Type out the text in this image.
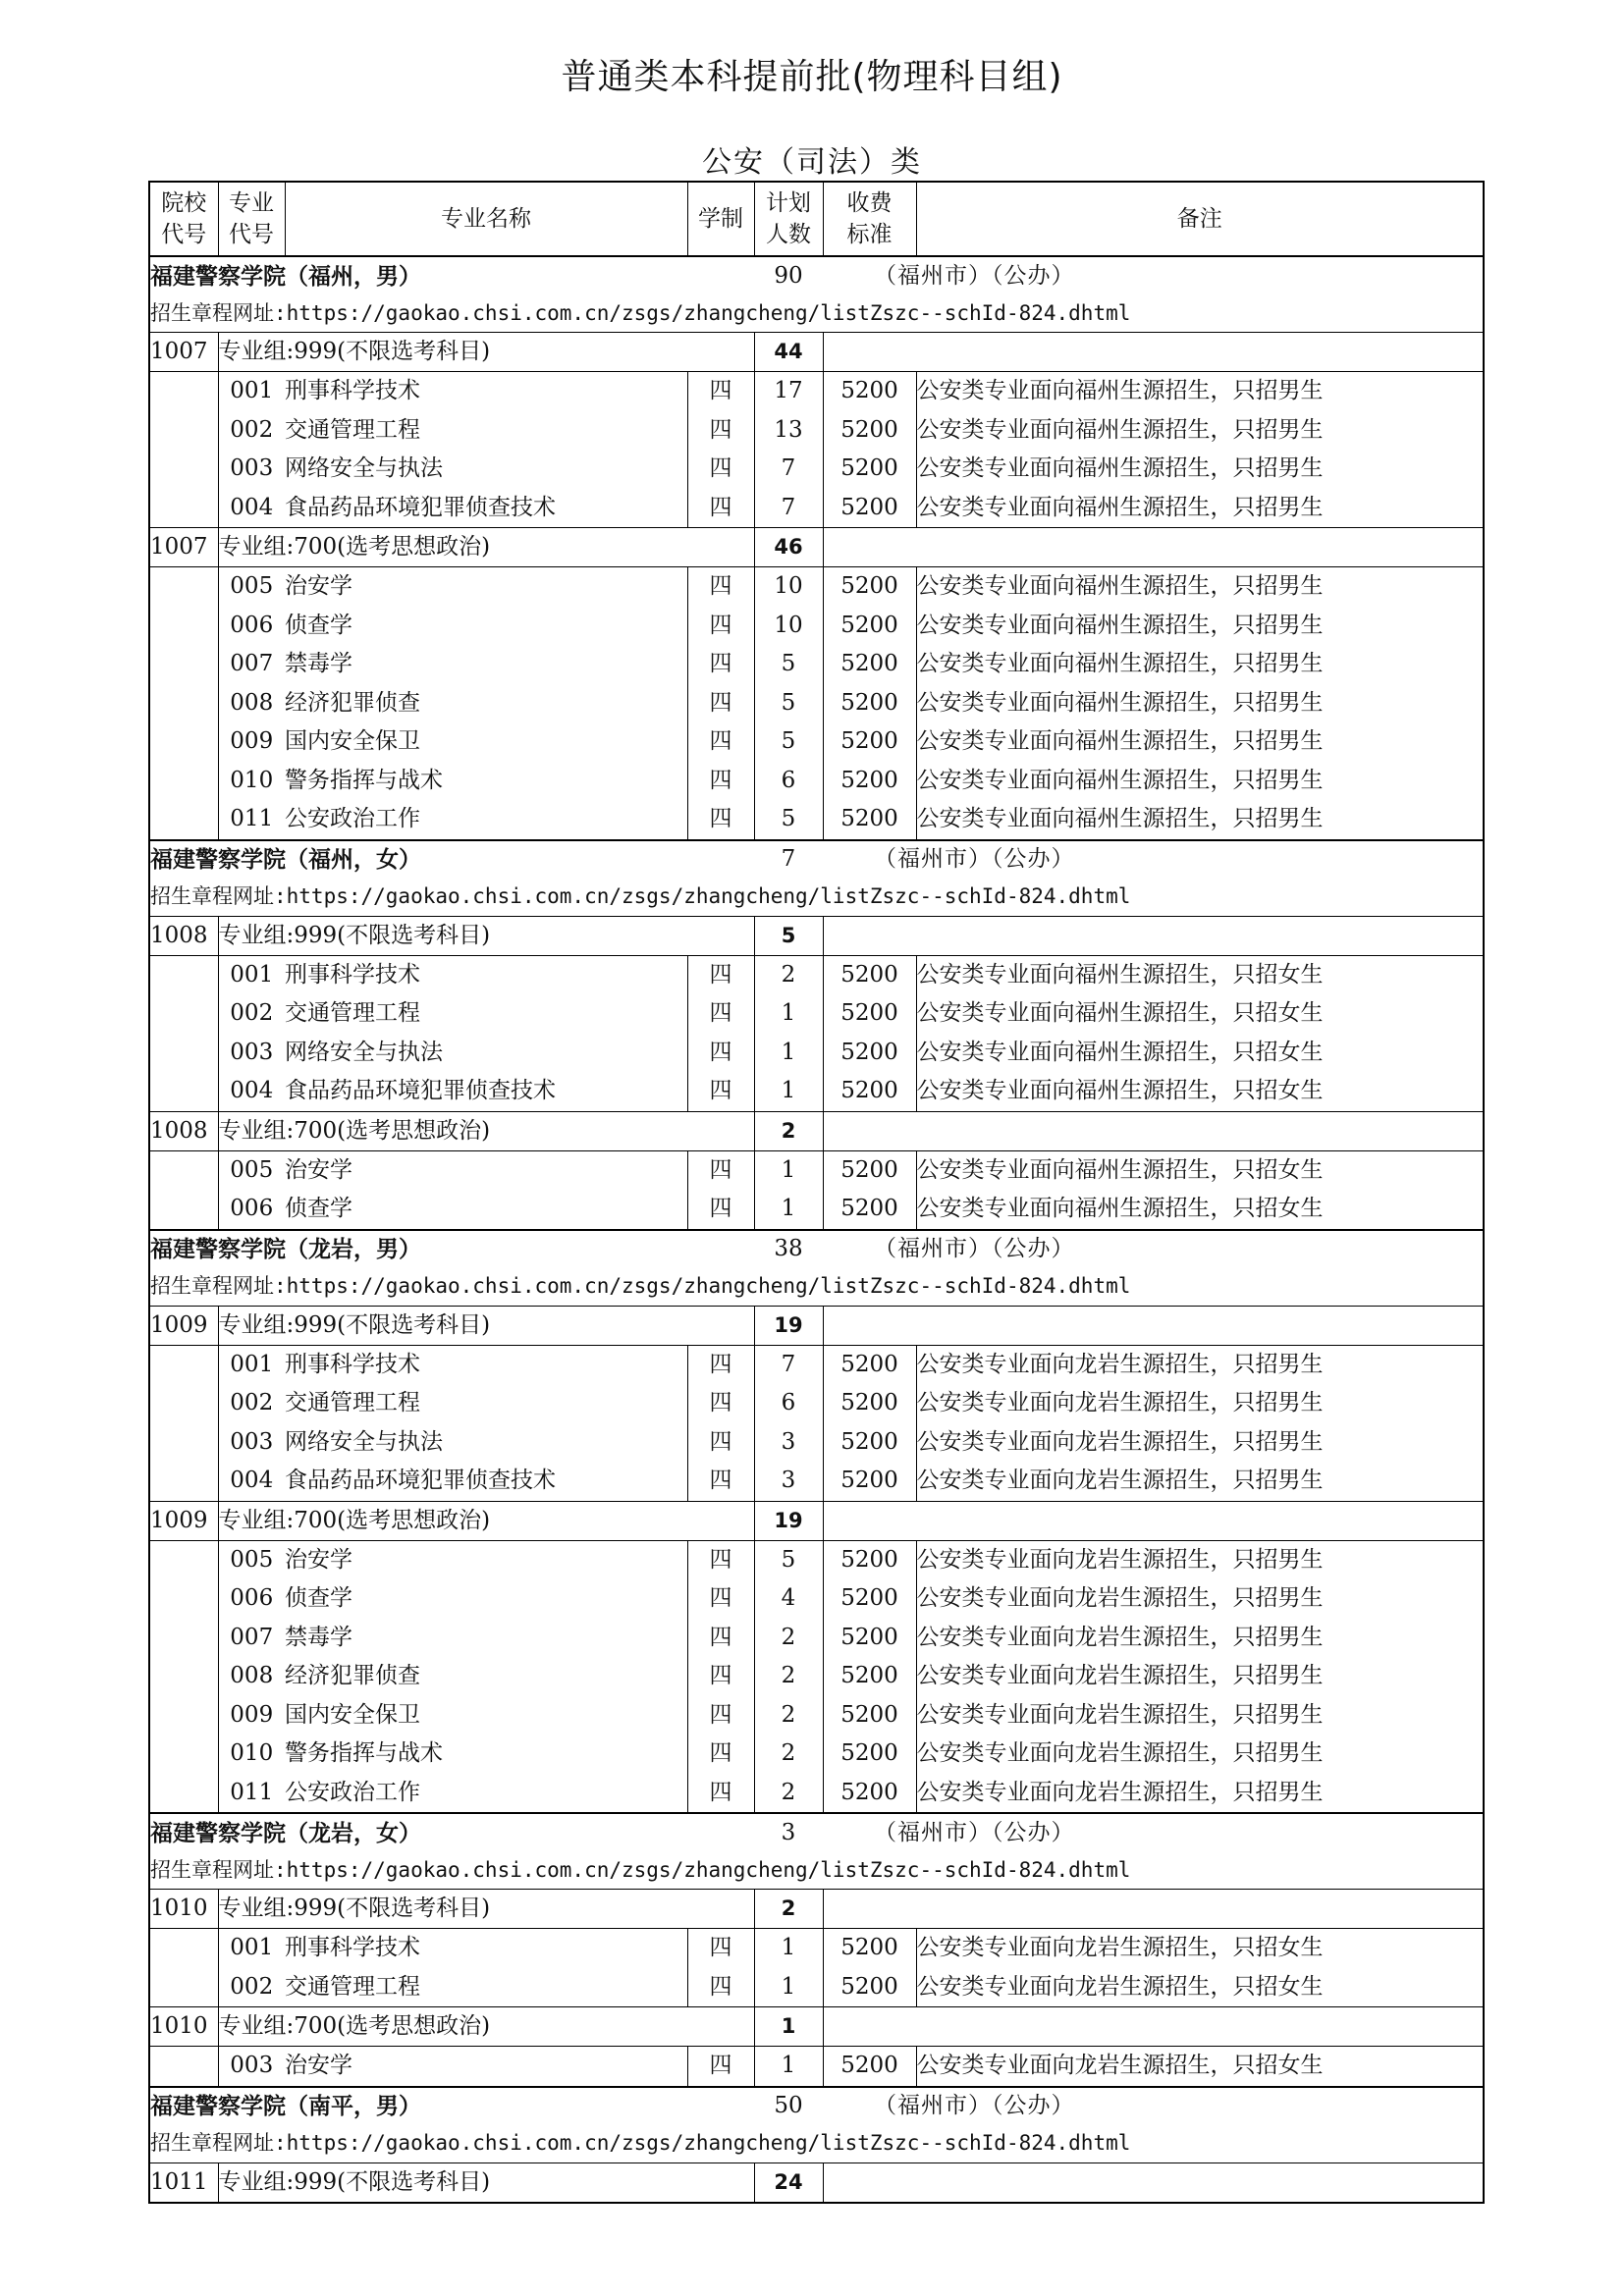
普通类本科提前批(物理科目组)
公安（司法）类
院校代号	专业代号	专业名称	学制	计划人数	收费标准	备注
福建警察学院（福州，男）				90	（福州市）（公办）	
招生章程网址:https://gaokao.chsi.com.cn/zsgs/zhangcheng/listZszc--schId-824.dhtml						
1007	专业组:999(不限选考科目)			44		
	001	刑事科学技术	四	17	5200	公安类专业面向福州生源招生，只招男生
	002	交通管理工程	四	13	5200	公安类专业面向福州生源招生，只招男生
	003	网络安全与执法	四	7	5200	公安类专业面向福州生源招生，只招男生
	004	食品药品环境犯罪侦查技术	四	7	5200	公安类专业面向福州生源招生，只招男生
1007	专业组:700(选考思想政治)			46		
	005	治安学	四	10	5200	公安类专业面向福州生源招生，只招男生
	006	侦查学	四	10	5200	公安类专业面向福州生源招生，只招男生
	007	禁毒学	四	5	5200	公安类专业面向福州生源招生，只招男生
	008	经济犯罪侦查	四	5	5200	公安类专业面向福州生源招生，只招男生
	009	国内安全保卫	四	5	5200	公安类专业面向福州生源招生，只招男生
	010	警务指挥与战术	四	6	5200	公安类专业面向福州生源招生，只招男生
	011	公安政治工作	四	5	5200	公安类专业面向福州生源招生，只招男生
福建警察学院（福州，女）				7	（福州市）（公办）	
招生章程网址:https://gaokao.chsi.com.cn/zsgs/zhangcheng/listZszc--schId-824.dhtml						
1008	专业组:999(不限选考科目)			5		
	001	刑事科学技术	四	2	5200	公安类专业面向福州生源招生，只招女生
	002	交通管理工程	四	1	5200	公安类专业面向福州生源招生，只招女生
	003	网络安全与执法	四	1	5200	公安类专业面向福州生源招生，只招女生
	004	食品药品环境犯罪侦查技术	四	1	5200	公安类专业面向福州生源招生，只招女生
1008	专业组:700(选考思想政治)			2		
	005	治安学	四	1	5200	公安类专业面向福州生源招生，只招女生
	006	侦查学	四	1	5200	公安类专业面向福州生源招生，只招女生
福建警察学院（龙岩，男）				38	（福州市）（公办）	
招生章程网址:https://gaokao.chsi.com.cn/zsgs/zhangcheng/listZszc--schId-824.dhtml						
1009	专业组:999(不限选考科目)			19		
	001	刑事科学技术	四	7	5200	公安类专业面向龙岩生源招生，只招男生
	002	交通管理工程	四	6	5200	公安类专业面向龙岩生源招生，只招男生
	003	网络安全与执法	四	3	5200	公安类专业面向龙岩生源招生，只招男生
	004	食品药品环境犯罪侦查技术	四	3	5200	公安类专业面向龙岩生源招生，只招男生
1009	专业组:700(选考思想政治)			19		
	005	治安学	四	5	5200	公安类专业面向龙岩生源招生，只招男生
	006	侦查学	四	4	5200	公安类专业面向龙岩生源招生，只招男生
	007	禁毒学	四	2	5200	公安类专业面向龙岩生源招生，只招男生
	008	经济犯罪侦查	四	2	5200	公安类专业面向龙岩生源招生，只招男生
	009	国内安全保卫	四	2	5200	公安类专业面向龙岩生源招生，只招男生
	010	警务指挥与战术	四	2	5200	公安类专业面向龙岩生源招生，只招男生
	011	公安政治工作	四	2	5200	公安类专业面向龙岩生源招生，只招男生
福建警察学院（龙岩，女）				3	（福州市）（公办）	
招生章程网址:https://gaokao.chsi.com.cn/zsgs/zhangcheng/listZszc--schId-824.dhtml						
1010	专业组:999(不限选考科目)			2		
	001	刑事科学技术	四	1	5200	公安类专业面向龙岩生源招生，只招女生
	002	交通管理工程	四	1	5200	公安类专业面向龙岩生源招生，只招女生
1010	专业组:700(选考思想政治)			1		
	003	治安学	四	1	5200	公安类专业面向龙岩生源招生，只招女生
福建警察学院（南平，男）				50	（福州市）（公办）	
招生章程网址:https://gaokao.chsi.com.cn/zsgs/zhangcheng/listZszc--schId-824.dhtml						
1011	专业组:999(不限选考科目)			24		
